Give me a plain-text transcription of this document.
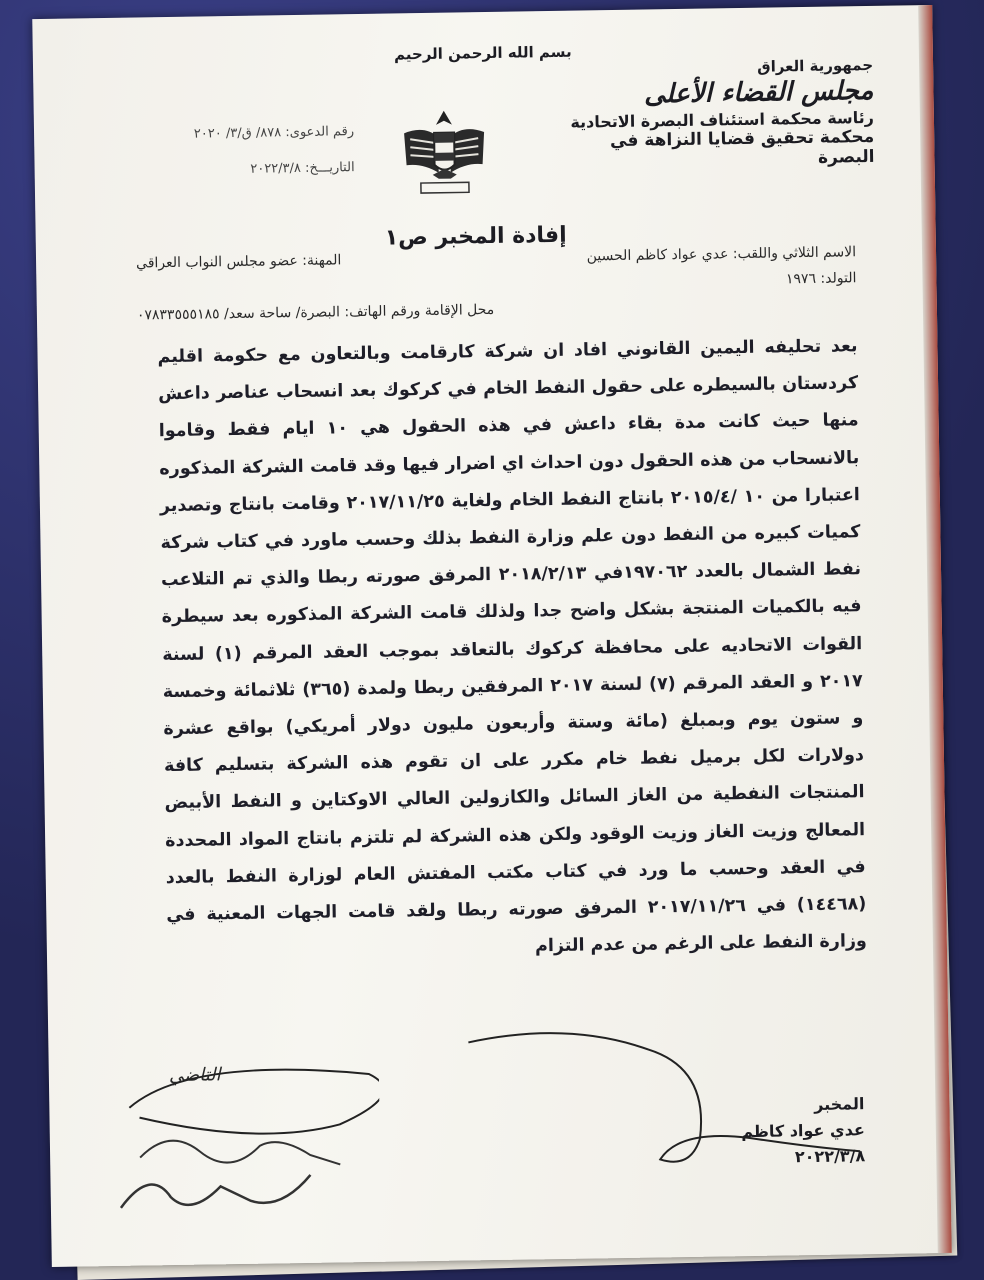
بسم الله الرحمن الرحيم
جمهورية العراق
مجلس القضاء الأعلى
رئاسة محكمة استئناف البصرة الاتحادية
محكمة تحقيق قضايا النزاهة في البصرة
رقم الدعوى: ٨٧٨/ ق/٣/ ٢٠٢٠
التاريـــخ: ٢٠٢٢/٣/٨
إفادة المخبر ص١
الاسم الثلاثي واللقب: عدي عواد كاظم الحسين
المهنة: عضو مجلس النواب العراقي
التولد: ١٩٧٦
محل الإقامة ورقم الهاتف: البصرة/ ساحة سعد/ ٠٧٨٣٣٥٥٥١٨٥

بعد تحليفه اليمين القانوني افاد ان شركة كارقامت وبالتعاون مع حكومة اقليم كردستان بالسيطره على حقول النفط الخام في كركوك بعد انسحاب عناصر داعش منها حيث كانت مدة بقاء داعش في هذه الحقول هي ١٠ ايام فقط وقاموا بالانسحاب من هذه الحقول دون احداث اي اضرار فيها وقد قامت الشركة المذكوره اعتبارا من ١٠ /٢٠١٥/٤ بانتاج النفط الخام ولغاية ٢٠١٧/١١/٢٥ وقامت بانتاج وتصدير كميات كبيره من النفط دون علم وزارة النفط بذلك وحسب ماورد في كتاب شركة نفط الشمال بالعدد ١٩٧٠٦٢في ٢٠١٨/٢/١٣ المرفق صورته ربطا والذي تم التلاعب فيه بالكميات المنتجة بشكل واضح جدا ولذلك قامت الشركة المذكوره بعد سيطرة القوات الاتحاديه على محافظة كركوك بالتعاقد بموجب العقد المرقم (١) لسنة ٢٠١٧ و العقد المرقم (٧) لسنة ٢٠١٧ المرفقين ربطا ولمدة (٣٦٥) ثلاثمائة وخمسة و ستون يوم وبمبلغ (مائة وستة وأربعون مليون دولار أمريكي) بواقع عشرة دولارات لكل برميل نفط خام مكرر على ان تقوم هذه الشركة بتسليم كافة المنتجات النفطية من الغاز السائل والكازولين العالي الاوكتاين و النفط الأبيض المعالج وزيت الغاز وزيت الوقود ولكن هذه الشركة لم تلتزم بانتاج المواد المحددة في العقد وحسب ما ورد في كتاب مكتب المفتش العام لوزارة النفط بالعدد (١٤٤٦٨) في ٢٠١٧/١١/٢٦ المرفق صورته ربطا ولقد قامت الجهات المعنية في وزارة النفط على الرغم من عدم التزام

المخبر
عدي عواد كاظم
٢٠٢٢/٣/٨
التاضي
